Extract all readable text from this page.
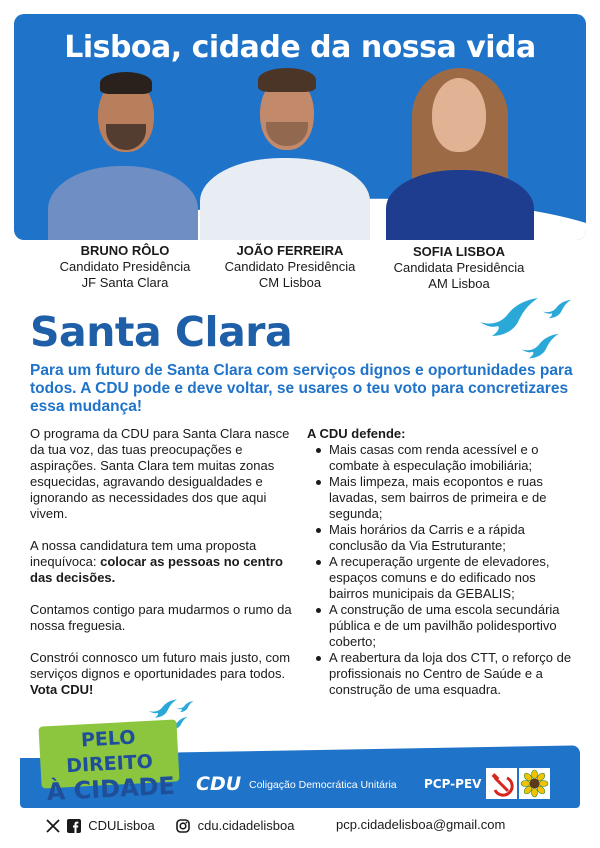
Lisboa, cidade da nossa vida
BRUNO RÔLO
Candidato Presidência
JF Santa Clara
JOÃO FERREIRA
Candidato Presidência
CM Lisboa
SOFIA LISBOA
Candidata Presidência
AM Lisboa
Santa Clara
Para um futuro de Santa Clara com serviços dignos e oportunidades para todos. A CDU pode e deve voltar, se usares o teu voto para concretizares essa mudança!

O programa da CDU para Santa Clara nasce da tua voz, das tuas preocupações e aspirações. Santa Clara tem muitas zonas esquecidas, agravando desigualdades e ignorando as necessidades dos que aqui vivem.

A nossa candidatura tem uma proposta inequívoca: colocar as pessoas no centro das decisões.

Contamos contigo para mudarmos o rumo da nossa freguesia.

Constrói connosco um futuro mais justo, com serviços dignos e oportunidades para todos.
Vota CDU!

A CDU defende:
Mais casas com renda acessível e o combate à especulação imobiliária;
Mais limpeza, mais ecopontos e ruas lavadas, sem bairros de primeira e de segunda;
Mais horários da Carris e a rápida conclusão da Via Estruturante;
A recuperação urgente de elevadores, espaços comuns e do edificado nos bairros municipais da GEBALIS;
A construção de uma escola secundária pública e de um pavilhão polidesportivo coberto;
A reabertura da loja dos CTT, o reforço de profissionais no Centro de Saúde e a construção de uma esquadra.
PELO DIREITO
À CIDADE CDU Coligação Democrática Unitária PCP-PEV
CDULisboa	cdu.cidadelisboa	pcp.cidadelisboa@gmail.com
